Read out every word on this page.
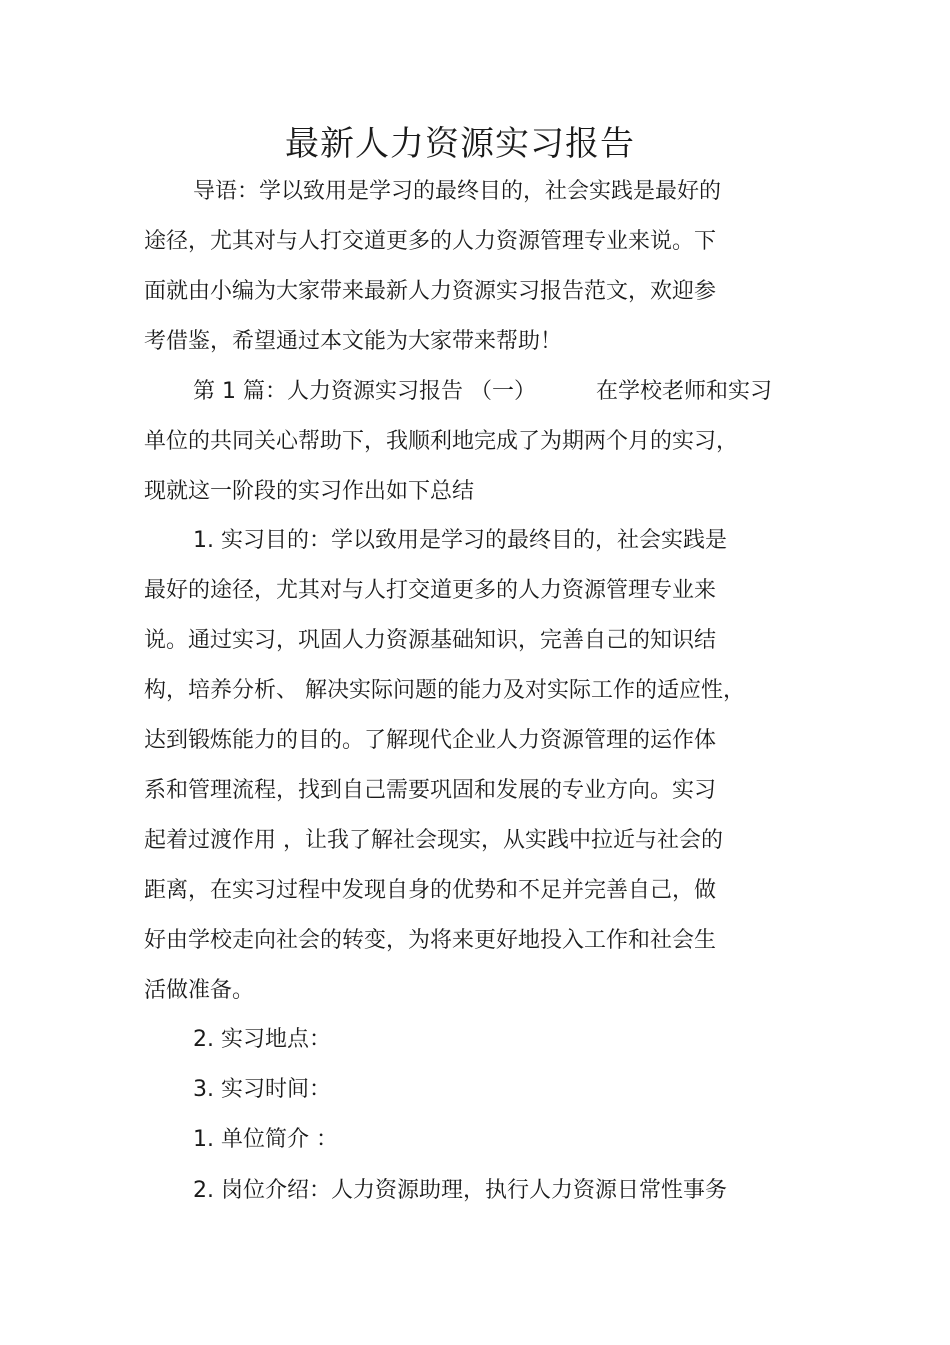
最新人力资源实习报告
导语：学以致用是学习的最终目的，社会实践是最好的
途径，尤其对与人打交道更多的人力资源管理专业来说。下
面就由小编为大家带来最新人力资源实习报告范文，欢迎参
考借鉴，希望通过本文能为大家带来帮助！
第 1 篇：人力资源实习报告 （一）	在学校老师和实习
单位的共同关心帮助下，我顺利地完成了为期两个月的实习，
现就这一阶段的实习作出如下总结
1. 实习目的：学以致用是学习的最终目的，社会实践是
最好的途径，尤其对与人打交道更多的人力资源管理专业来
说。通过实习，巩固人力资源基础知识，完善自己的知识结
构，培养分析、 解决实际问题的能力及对实际工作的适应性，
达到锻炼能力的目的。了解现代企业人力资源管理的运作体
系和管理流程，找到自己需要巩固和发展的专业方向。实习
起着过渡作用 ，让我了解社会现实，从实践中拉近与社会的
距离，在实习过程中发现自身的优势和不足并完善自己，做
好由学校走向社会的转变，为将来更好地投入工作和社会生
活做准备。
2. 实习地点：
3. 实习时间：
1. 单位简介 ：
2. 岗位介绍：人力资源助理，执行人力资源日常性事务
